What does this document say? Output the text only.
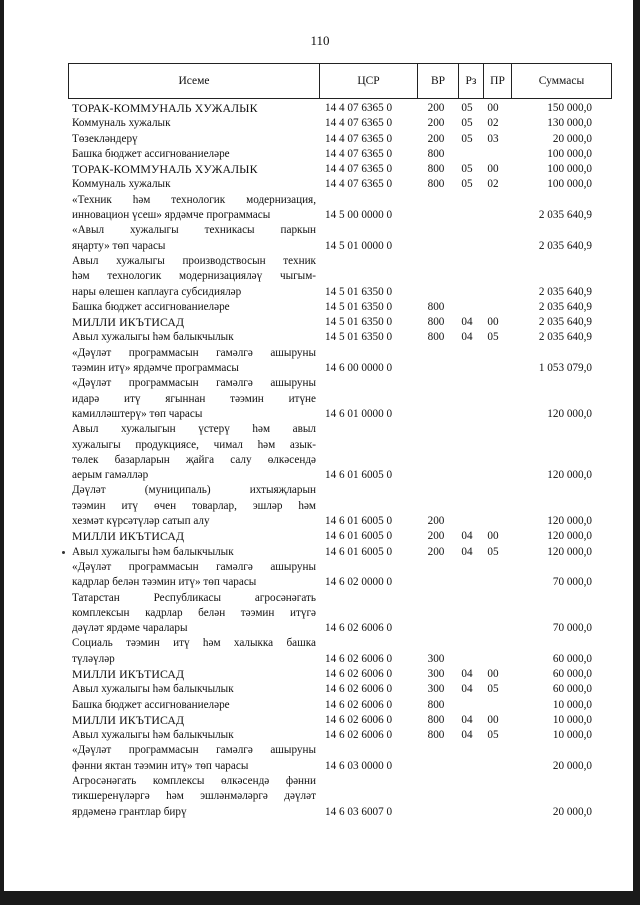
110
Исеме	ЦСР	ВР	Рз	ПР	Суммасы
ТОРАК-КОММУНАЛЬ ХУЖАЛЫК	14 4 07 6365 0	200 05 00	150 000,0
Коммуналь хужалык	14 4 07 6365 0	200 05 02	130 000,0
Төзекләндерү	14 4 07 6365 0	200 05 03	20 000,0
Башка бюджет ассигнованиеләре	14 4 07 6365 0	800	100 000,0
ТОРАК-КОММУНАЛЬ ХУЖАЛЫК	14 4 07 6365 0	800 05 00	100 000,0
Коммуналь хужалык	14 4 07 6365 0	800 05 02	100 000,0
«Техник һәм технологик модернизация,
инновацион үсеш» ярдәмче программасы	14 5 00 0000 0	2 035 640,9
«Авыл хужалыгы техникасы паркын
яңарту» төп чарасы	14 5 01 0000 0	2 035 640,9
Авыл хужалыгы производствосын техник
һәм технологик модернизацияләү чыгым-
нары өлешен каплауга субсидияләр	14 5 01 6350 0	2 035 640,9
Башка бюджет ассигнованиеләре	14 5 01 6350 0	800	2 035 640,9
МИЛЛИ ИКЪТИСАД	14 5 01 6350 0	800 04 00	2 035 640,9
Авыл хужалыгы һәм балыкчылык	14 5 01 6350 0	800 04 05	2 035 640,9
«Дәүләт программасын гамәлгә ашыруны
тәэмин итү» ярдәмче программасы	14 6 00 0000 0	1 053 079,0
«Дәүләт программасын гамәлгә ашыруны
идарә итү ягыннан тәэмин итүне
камилләштерү» төп чарасы	14 6 01 0000 0	120 000,0
Авыл хужалыгын үстерү һәм авыл
хужалыгы продукциясе, чимал һәм азык-
төлек базарларын җайга салу өлкәсендә
аерым гамәлләр	14 6 01 6005 0	120 000,0
Дәүләт (муниципаль) ихтыяҗларын
тәэмин итү өчен товарлар, эшләр һәм
хезмәт күрсәтүләр сатып алу	14 6 01 6005 0	200	120 000,0
МИЛЛИ ИКЪТИСАД	14 6 01 6005 0	200 04 00	120 000,0
Авыл хужалыгы һәм балыкчылык	14 6 01 6005 0	200 04 05	120 000,0
«Дәүләт программасын гамәлгә ашыруны
кадрлар белән тәэмин итү» төп чарасы	14 6 02 0000 0	70 000,0
Татарстан Республикасы агросәнәгать
комплексын кадрлар белән тәэмин итүгә
дәүләт ярдәме чаралары	14 6 02 6006 0	70 000,0
Социаль тәэмин итү һәм халыкка башка
түләүләр	14 6 02 6006 0	300	60 000,0
МИЛЛИ ИКЪТИСАД	14 6 02 6006 0	300 04 00	60 000,0
Авыл хужалыгы һәм балыкчылык	14 6 02 6006 0	300 04 05	60 000,0
Башка бюджет ассигнованиеләре	14 6 02 6006 0	800	10 000,0
МИЛЛИ ИКЪТИСАД	14 6 02 6006 0	800 04 00	10 000,0
Авыл хужалыгы һәм балыкчылык	14 6 02 6006 0	800 04 05	10 000,0
«Дәүләт программасын гамәлгә ашыруны
фәнни яктан тәэмин итү» төп чарасы	14 6 03 0000 0	20 000,0
Агросәнәгать комплексы өлкәсендә фәнни
тикшеренүләргә һәм эшләнмәләргә дәүләт
ярдәменә грантлар бирү	14 6 03 6007 0	20 000,0
